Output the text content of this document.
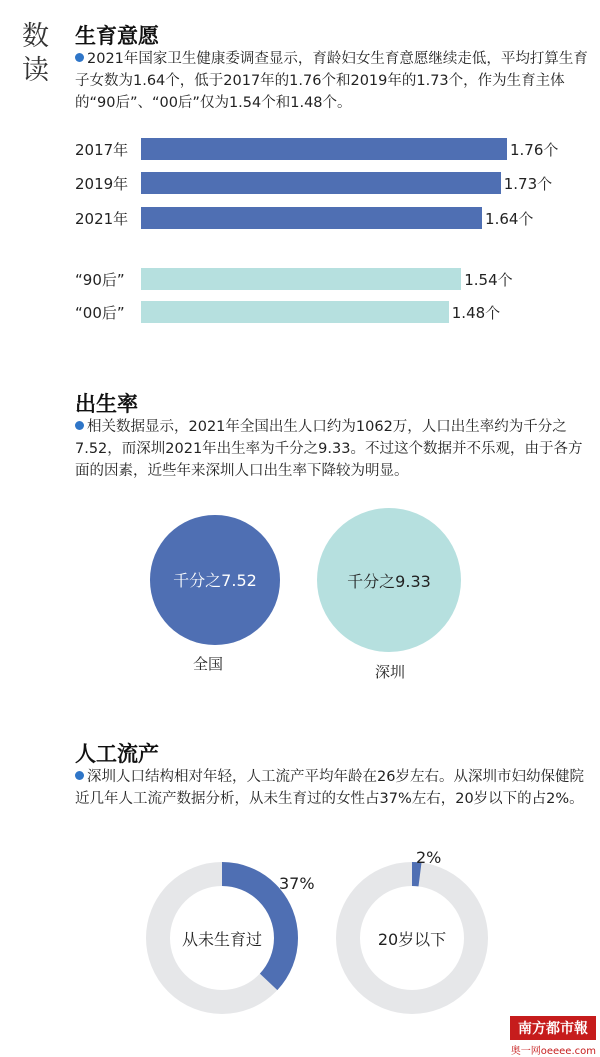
数读
生育意愿
2021年国家卫生健康委调查显示，育龄妇女生育意愿继续走低，平均打算生育子女数为1.64个，低于2017年的1.76个和2019年的1.73个，作为生育主体的“90后”、“00后”仅为1.54个和1.48个。
2017年	1.76个
2019年	1.73个
2021年	1.64个
“90后”	1.54个
“00后”	1.48个
出生率
相关数据显示，2021年全国出生人口约为1062万，人口出生率约为千分之7.52，而深圳2021年出生率为千分之9.33。不过这个数据并不乐观，由于各方面的因素，近些年来深圳人口出生率下降较为明显。
千分之7.52
全国
千分之9.33
深圳
人工流产
深圳人口结构相对年轻，人工流产平均年龄在26岁左右。从深圳市妇幼保健院近几年人工流产数据分析，从未生育过的女性占37%左右，20岁以下的占2%。
从未生育过
37%
20岁以下
2%
南方都市報
奥一网oeeee.com
